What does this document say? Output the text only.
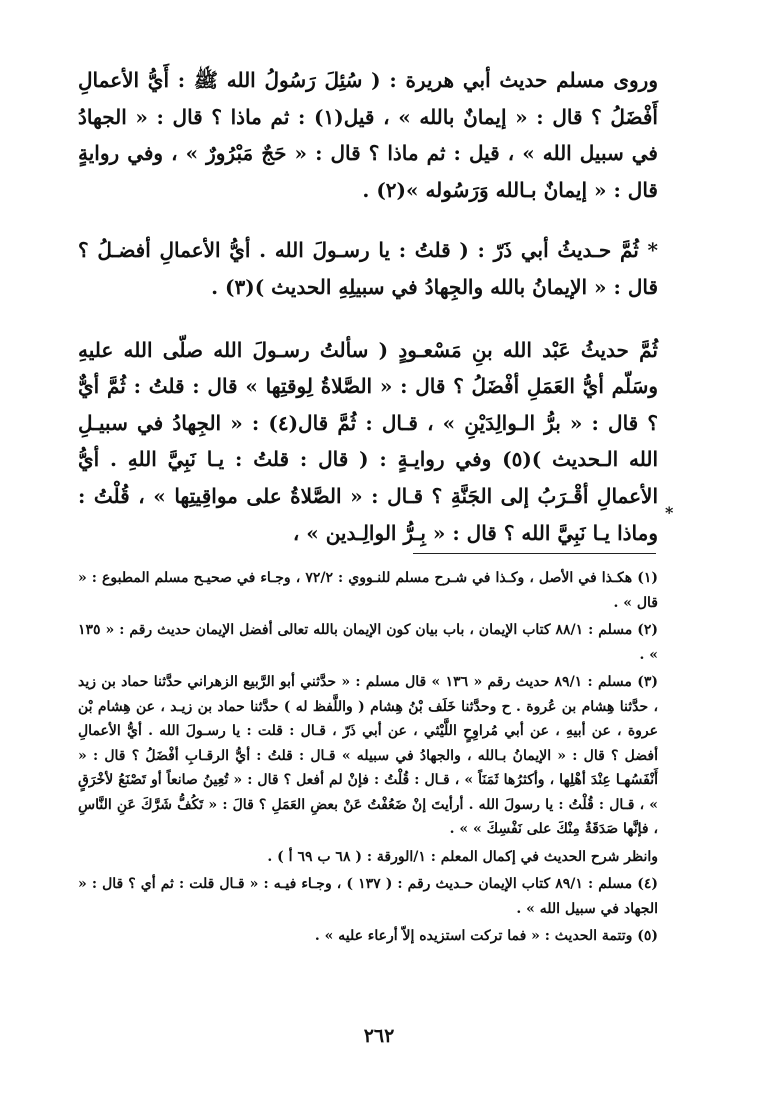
وروى مسلم حديث أبي هريرة : ( سُئِلَ رَسُولُ الله ﷺ : أَيُّ الأعمالِ أَفْضَلُ ؟ قال : « إيمانٌ بالله » ، قيل(١) : ثم ماذا ؟ قال : « الجهادُ في سبيل الله » ، قيل : ثم ماذا ؟ قال : « حَجٌ مَبْرُورٌ » ، وفي روايةٍ قال : « إيمانٌ بـالله وَرَسُوله »(٢) .

* ثُمَّ حـديثُ أبي ذَرّ : ( قلتُ : يا رسـولَ الله . أيُّ الأعمالِ أفضـلُ ؟ قال : « الإيمانُ بالله والجِهادُ في سبيلِهِ الحديث )(٣) .

ثُمَّ حديثُ عَبْد الله بنِ مَسْعـودٍ ( سألتُ رسـولَ الله صلّى الله عليهِ وسَلّم أيُّ العَمَلِ أفْضَلُ ؟ قال : « الصَّلاةُ لِوقتِها » قال : قلتُ : ثُمَّ أيٌّ ؟ قال : « برُّ الـوالِدَيْنِ » ، قـال : ثُمَّ قال(٤) : « الجِهادُ في سبيـلِ الله الـحديث )(٥) وفي روايـةٍ : ( قال : قلتُ : يـا نَبِيَّ اللهِ . أيُّ الأعمالِ أقْـرَبُ إلى الجَنَّةِ ؟ قـال : « الصَّلاةُ على مواقِيتِها » ، قُلْتُ : وماذا يـا نَبِيَّ الله ؟ قال : « بِـرُّ الوالِـدين » ،

*

(١) هكـذا في الأصل ، وكـذا في شـرح مسلم للنـووي : ٧٢/٢ ، وجـاء في صحيـح مسلم المطبوع : « قال » .

(٢) مسلم : ٨٨/١ كتاب الإيمان ، باب بيان كون الإيمان بالله تعالى أفضل الإيمان حديث رقم : « ١٣٥ » .

(٣) مسلم : ٨٩/١ حديث رقم « ١٣٦ » قال مسلم : « حدَّثني أبو الرَّبيع الزهراني حدَّثنا حماد بن زيد ، حدَّثنا هِشام بن عُروة . ح وحدَّثنا خَلَف بْنُ هِشام ( واللَّفظ له ) حدَّثنا حماد بن زيـد ، عن هِشام بْن عروة ، عن أبيهِ ، عن أبي مُراوِحٍ اللَّيْثي ، عن أبي ذَرّ ، قـال : قلت : يا رسـولَ الله . أيُّ الأعمالِ أفضل ؟ قال : « الإيمانُ بـالله ، والجهادُ في سبيله » قـال : قلتُ : أيُّ الرقـابِ أفْضَلُ ؟ قال : « أَنْفَسُهـا عِنْدَ أهْلِها ، وأكثرُها ثَمَنَاً » ، قـال : قُلْتُ : فإنْ لم أفعل ؟ قال : « تُعِينُ صانعاً أو تَصْنَعُ لأخْرَقٍ » ، قـال : قُلْتُ : يا رسولَ الله . أرأيتَ إنْ ضَعُفْتُ عَنْ بعضِ العَمَلِ ؟ قالَ : « تَكُفُّ شَرَّكَ عَنِ النَّاسِ ، فإنَّها صَدَقَةٌ مِنْكَ على نَفْسِكَ » » .

وانظر شرح الحديث في إكمال المعلم : ١/الورقة : ( ٦٨ ب ٦٩ أ ) .

(٤) مسلم : ٨٩/١ كتاب الإيمان حـديث رقم : ( ١٣٧ ) ، وجـاء فيـه : « قـال قلت : ثم أي ؟ قال : « الجهاد في سبيل الله » .

(٥) وتتمة الحديث : « فما تركت استزيده إلاّ أرعاء عليه » .

٢٦٢
